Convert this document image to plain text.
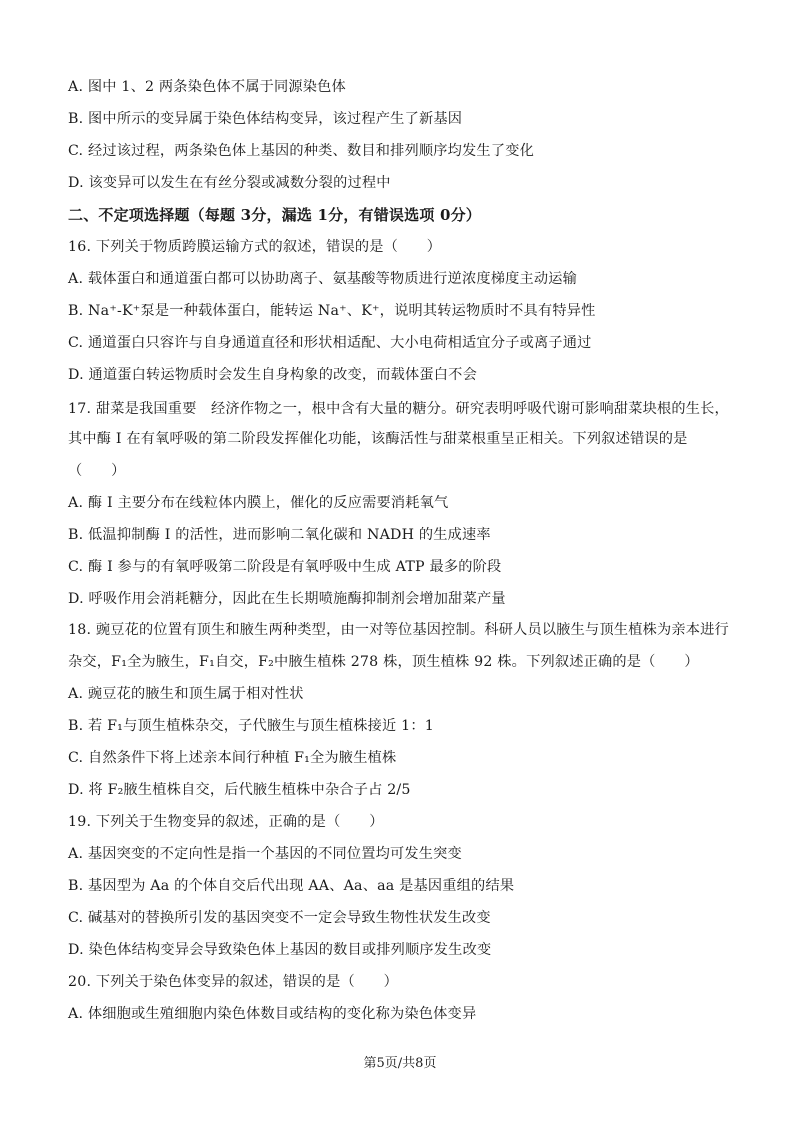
A. 图中 1、2 两条染色体不属于同源染色体
B. 图中所示的变异属于染色体结构变异，该过程产生了新基因
C. 经过该过程，两条染色体上基因的种类、数目和排列顺序均发生了变化
D. 该变异可以发生在有丝分裂或减数分裂的过程中
二、不定项选择题（每题 3分，漏选 1分，有错误选项 0分）
16. 下列关于物质跨膜运输方式的叙述，错误的是（　　）
A. 载体蛋白和通道蛋白都可以协助离子、氨基酸等物质进行逆浓度梯度主动运输
B. Na⁺-K⁺泵是一种载体蛋白，能转运 Na⁺、K⁺，说明其转运物质时不具有特异性
C. 通道蛋白只容许与自身通道直径和形状相适配、大小电荷相适宜分子或离子通过
D. 通道蛋白转运物质时会发生自身构象的改变，而载体蛋白不会
17. 甜菜是我国重要　经济作物之一，根中含有大量的糖分。研究表明呼吸代谢可影响甜菜块根的生长，
其中酶 I 在有氧呼吸的第二阶段发挥催化功能，该酶活性与甜菜根重呈正相关。下列叙述错误的是
（　　）
A. 酶 I 主要分布在线粒体内膜上，催化的反应需要消耗氧气
B. 低温抑制酶 I 的活性，进而影响二氧化碳和 NADH 的生成速率
C. 酶 I 参与的有氧呼吸第二阶段是有氧呼吸中生成 ATP 最多的阶段
D. 呼吸作用会消耗糖分，因此在生长期喷施酶抑制剂会增加甜菜产量
18. 豌豆花的位置有顶生和腋生两种类型，由一对等位基因控制。科研人员以腋生与顶生植株为亲本进行
杂交，F₁全为腋生，F₁自交，F₂中腋生植株 278 株，顶生植株 92 株。下列叙述正确的是（　　）
A. 豌豆花的腋生和顶生属于相对性状
B. 若 F₁与顶生植株杂交，子代腋生与顶生植株接近 1：1
C. 自然条件下将上述亲本间行种植 F₁全为腋生植株
D. 将 F₂腋生植株自交，后代腋生植株中杂合子占 2/5
19. 下列关于生物变异的叙述，正确的是（　　）
A. 基因突变的不定向性是指一个基因的不同位置均可发生突变
B. 基因型为 Aa 的个体自交后代出现 AA、Aa、aa 是基因重组的结果
C. 碱基对的替换所引发的基因突变不一定会导致生物性状发生改变
D. 染色体结构变异会导致染色体上基因的数目或排列顺序发生改变
20. 下列关于染色体变异的叙述，错误的是（　　）
A. 体细胞或生殖细胞内染色体数目或结构的变化称为染色体变异
第5页/共8页
